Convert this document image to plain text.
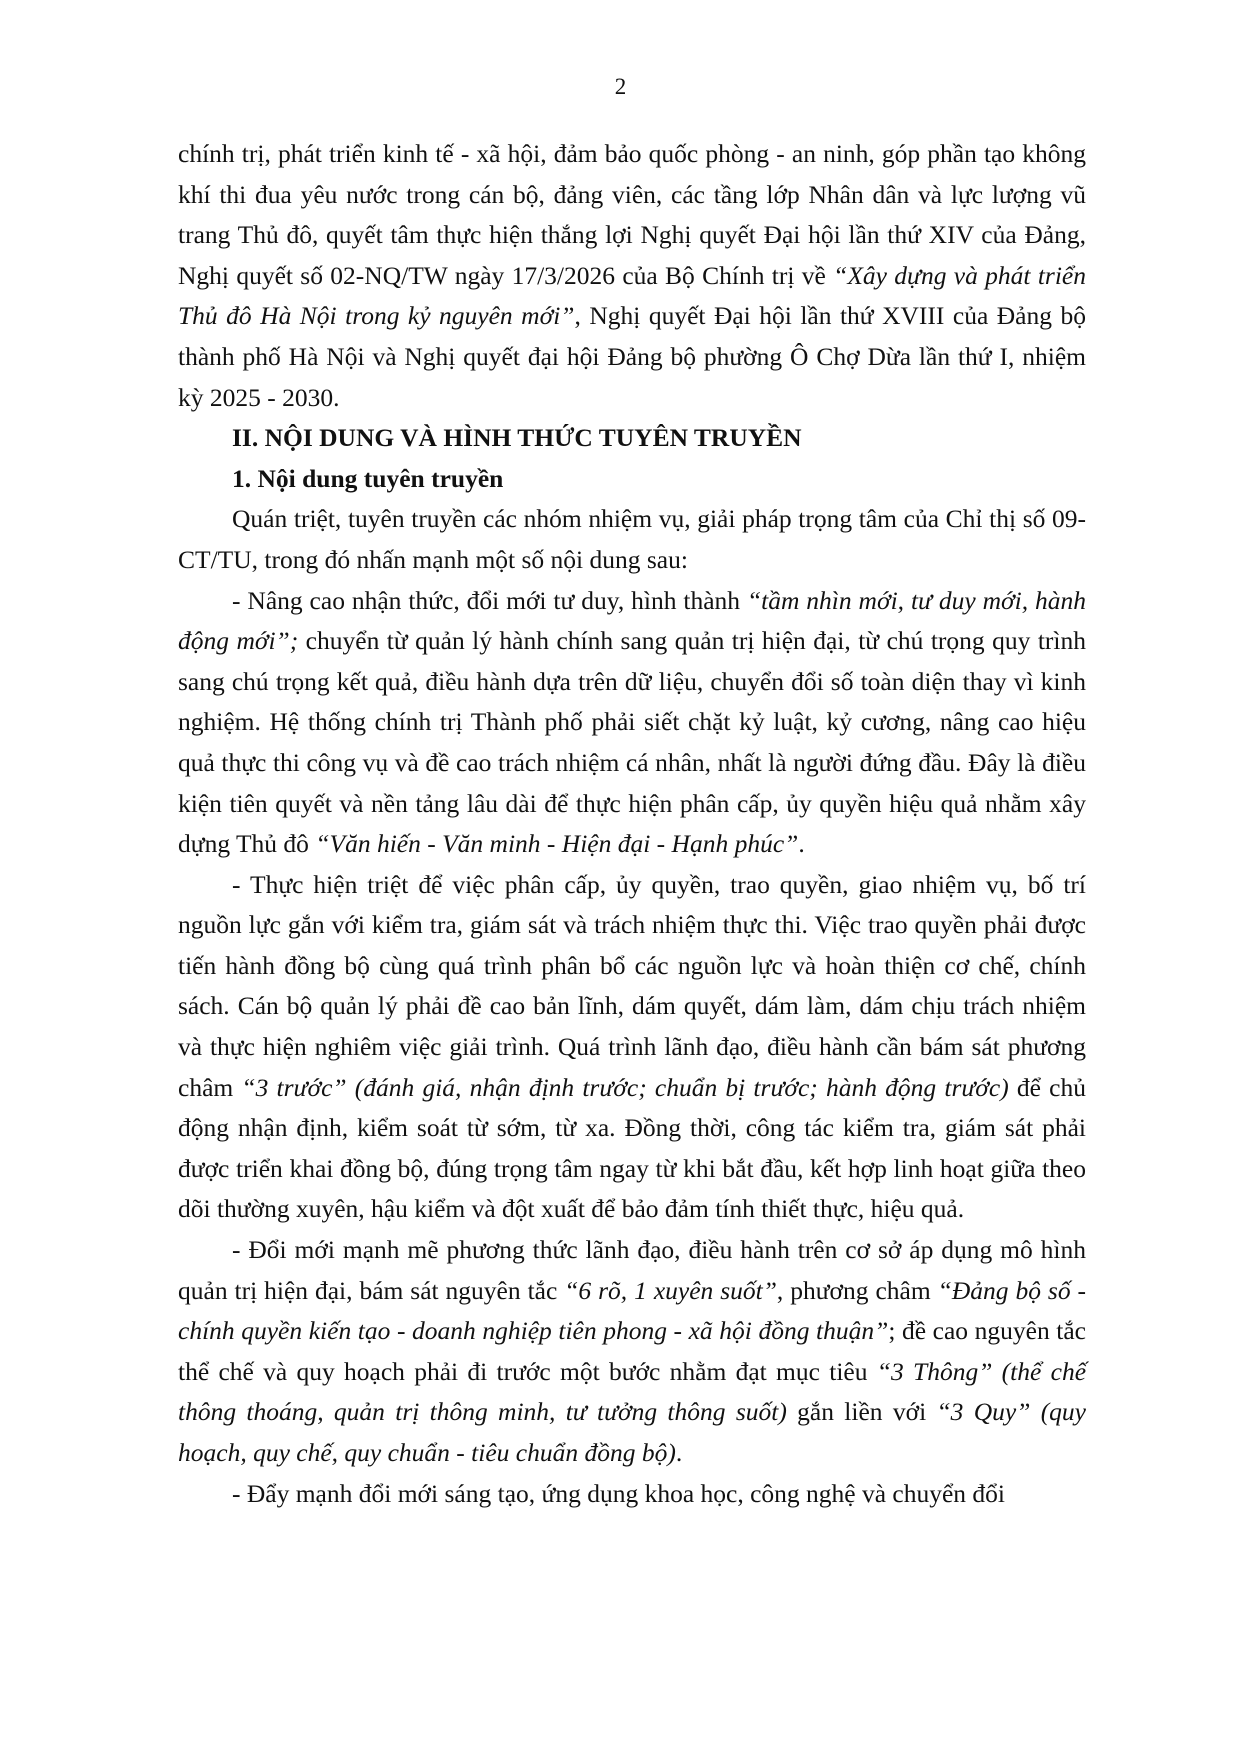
2

chính trị, phát triển kinh tế - xã hội, đảm bảo quốc phòng - an ninh, góp phần tạo không khí thi đua yêu nước trong cán bộ, đảng viên, các tầng lớp Nhân dân và lực lượng vũ trang Thủ đô, quyết tâm thực hiện thắng lợi Nghị quyết Đại hội lần thứ XIV của Đảng, Nghị quyết số 02-NQ/TW ngày 17/3/2026 của Bộ Chính trị về “Xây dựng và phát triển Thủ đô Hà Nội trong kỷ nguyên mới”, Nghị quyết Đại hội lần thứ XVIII của Đảng bộ thành phố Hà Nội và Nghị quyết đại hội Đảng bộ phường Ô Chợ Dừa lần thứ I, nhiệm kỳ 2025 - 2030.

II. NỘI DUNG VÀ HÌNH THỨC TUYÊN TRUYỀN

1. Nội dung tuyên truyền

Quán triệt, tuyên truyền các nhóm nhiệm vụ, giải pháp trọng tâm của Chỉ thị số 09-CT/TU, trong đó nhấn mạnh một số nội dung sau:

- Nâng cao nhận thức, đổi mới tư duy, hình thành “tầm nhìn mới, tư duy mới, hành động mới”; chuyển từ quản lý hành chính sang quản trị hiện đại, từ chú trọng quy trình sang chú trọng kết quả, điều hành dựa trên dữ liệu, chuyển đổi số toàn diện thay vì kinh nghiệm. Hệ thống chính trị Thành phố phải siết chặt kỷ luật, kỷ cương, nâng cao hiệu quả thực thi công vụ và đề cao trách nhiệm cá nhân, nhất là người đứng đầu. Đây là điều kiện tiên quyết và nền tảng lâu dài để thực hiện phân cấp, ủy quyền hiệu quả nhằm xây dựng Thủ đô “Văn hiến - Văn minh - Hiện đại - Hạnh phúc”.

- Thực hiện triệt để việc phân cấp, ủy quyền, trao quyền, giao nhiệm vụ, bố trí nguồn lực gắn với kiểm tra, giám sát và trách nhiệm thực thi. Việc trao quyền phải được tiến hành đồng bộ cùng quá trình phân bổ các nguồn lực và hoàn thiện cơ chế, chính sách. Cán bộ quản lý phải đề cao bản lĩnh, dám quyết, dám làm, dám chịu trách nhiệm và thực hiện nghiêm việc giải trình. Quá trình lãnh đạo, điều hành cần bám sát phương châm “3 trước” (đánh giá, nhận định trước; chuẩn bị trước; hành động trước) để chủ động nhận định, kiểm soát từ sớm, từ xa. Đồng thời, công tác kiểm tra, giám sát phải được triển khai đồng bộ, đúng trọng tâm ngay từ khi bắt đầu, kết hợp linh hoạt giữa theo dõi thường xuyên, hậu kiểm và đột xuất để bảo đảm tính thiết thực, hiệu quả.

- Đổi mới mạnh mẽ phương thức lãnh đạo, điều hành trên cơ sở áp dụng mô hình quản trị hiện đại, bám sát nguyên tắc “6 rõ, 1 xuyên suốt”, phương châm “Đảng bộ số - chính quyền kiến tạo - doanh nghiệp tiên phong - xã hội đồng thuận”; đề cao nguyên tắc thể chế và quy hoạch phải đi trước một bước nhằm đạt mục tiêu “3 Thông” (thể chế thông thoáng, quản trị thông minh, tư tưởng thông suốt) gắn liền với “3 Quy” (quy hoạch, quy chế, quy chuẩn - tiêu chuẩn đồng bộ).

- Đẩy mạnh đổi mới sáng tạo, ứng dụng khoa học, công nghệ và chuyển đổi
